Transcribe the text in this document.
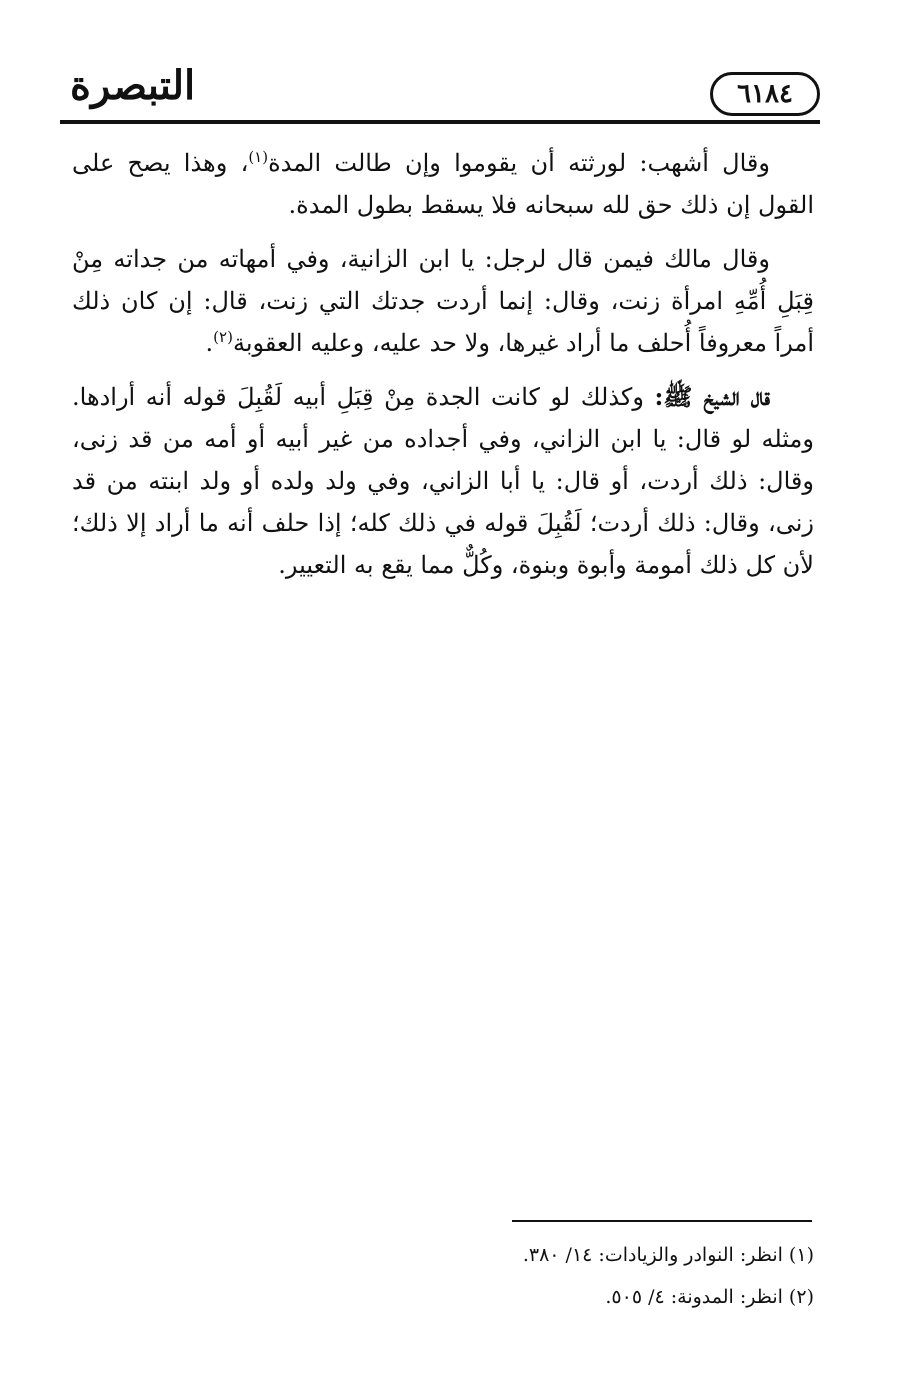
التبصرة	٦١٨٤

وقال أشهب: لورثته أن يقوموا وإن طالت المدة$^{(١)}$، وهذا يصح على القول إن ذلك حق لله سبحانه فلا يسقط بطول المدة.

وقال مالك فيمن قال لرجل: يا ابن الزانية، وفي أمهاته من جداته مِنْ قِبَلِ أُمِّهِ امرأة زنت، وقال: إنما أردت جدتك التي زنت، قال: إن كان ذلك أمراً معروفاً أُحلف ما أراد غيرها، ولا حد عليه، وعليه العقوبة$^{(٢)}$.

قال الشيخ ﷺ: وكذلك لو كانت الجدة مِنْ قِبَلِ أبيه لَقُبِلَ قوله أنه أرادها. ومثله لو قال: يا ابن الزاني، وفي أجداده من غير أبيه أو أمه من قد زنى، وقال: ذلك أردت، أو قال: يا أبا الزاني، وفي ولد ولده أو ولد ابنته من قد زنى، وقال: ذلك أردت؛ لَقُبِلَ قوله في ذلك كله؛ إذا حلف أنه ما أراد إلا ذلك؛ لأن كل ذلك أمومة وأبوة وبنوة، وكُلٌّ مما يقع به التعيير.

(١) انظر: النوادر والزيادات: ١٤/ ٣٨٠.

(٢) انظر: المدونة: ٤/ ٥٠٥.
